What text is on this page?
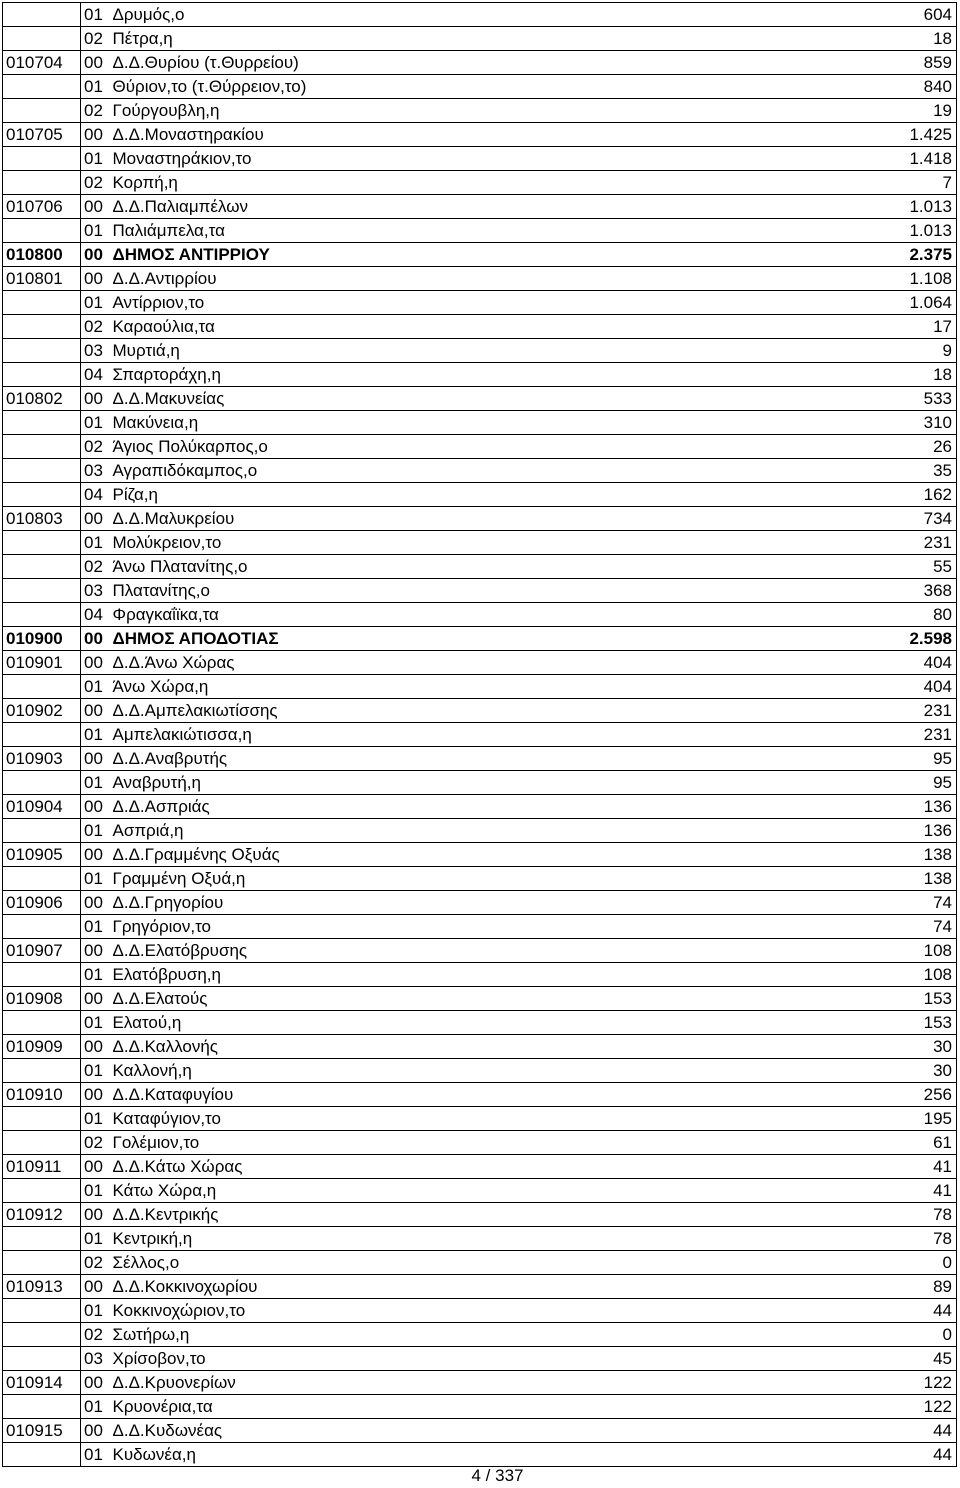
	01	Δρυμός,ο	604
	02	Πέτρα,η	18
010704	00	Δ.Δ.Θυρίου (τ.Θυρρείου)	859
	01	Θύριον,το (τ.Θύρρειον,το)	840
	02	Γούργουβλη,η	19
010705	00	Δ.Δ.Μοναστηρακίου	1.425
	01	Μοναστηράκιον,το	1.418
	02	Κορπή,η	7
010706	00	Δ.Δ.Παλιαμπέλων	1.013
	01	Παλιάμπελα,τα	1.013
010800	00	ΔΗΜΟΣ ΑΝΤΙΡΡΙΟΥ	2.375
010801	00	Δ.Δ.Αντιρρίου	1.108
	01	Αντίρριον,το	1.064
	02	Καραούλια,τα	17
	03	Μυρτιά,η	9
	04	Σπαρτοράχη,η	18
010802	00	Δ.Δ.Μακυνείας	533
	01	Μακύνεια,η	310
	02	Άγιος Πολύκαρπος,ο	26
	03	Αγραπιδόκαμπος,ο	35
	04	Ρίζα,η	162
010803	00	Δ.Δ.Μαλυκρείου	734
	01	Μολύκρειον,το	231
	02	Άνω Πλατανίτης,ο	55
	03	Πλατανίτης,ο	368
	04	Φραγκαΐϊκα,τα	80
010900	00	ΔΗΜΟΣ ΑΠΟΔΟΤΙΑΣ	2.598
010901	00	Δ.Δ.Άνω Χώρας	404
	01	Άνω Χώρα,η	404
010902	00	Δ.Δ.Αμπελακιωτίσσης	231
	01	Αμπελακιώτισσα,η	231
010903	00	Δ.Δ.Αναβρυτής	95
	01	Αναβρυτή,η	95
010904	00	Δ.Δ.Ασπριάς	136
	01	Ασπριά,η	136
010905	00	Δ.Δ.Γραμμένης Οξυάς	138
	01	Γραμμένη Οξυά,η	138
010906	00	Δ.Δ.Γρηγορίου	74
	01	Γρηγόριον,το	74
010907	00	Δ.Δ.Ελατόβρυσης	108
	01	Ελατόβρυση,η	108
010908	00	Δ.Δ.Ελατούς	153
	01	Ελατού,η	153
010909	00	Δ.Δ.Καλλονής	30
	01	Καλλονή,η	30
010910	00	Δ.Δ.Καταφυγίου	256
	01	Καταφύγιον,το	195
	02	Γολέμιον,το	61
010911	00	Δ.Δ.Κάτω Χώρας	41
	01	Κάτω Χώρα,η	41
010912	00	Δ.Δ.Κεντρικής	78
	01	Κεντρική,η	78
	02	Σέλλος,ο	0
010913	00	Δ.Δ.Κοκκινοχωρίου	89
	01	Κοκκινοχώριον,το	44
	02	Σωτήρω,η	0
	03	Χρίσοβον,το	45
010914	00	Δ.Δ.Κρυονερίων	122
	01	Κρυονέρια,τα	122
010915	00	Δ.Δ.Κυδωνέας	44
	01	Κυδωνέα,η	44
4 / 337
